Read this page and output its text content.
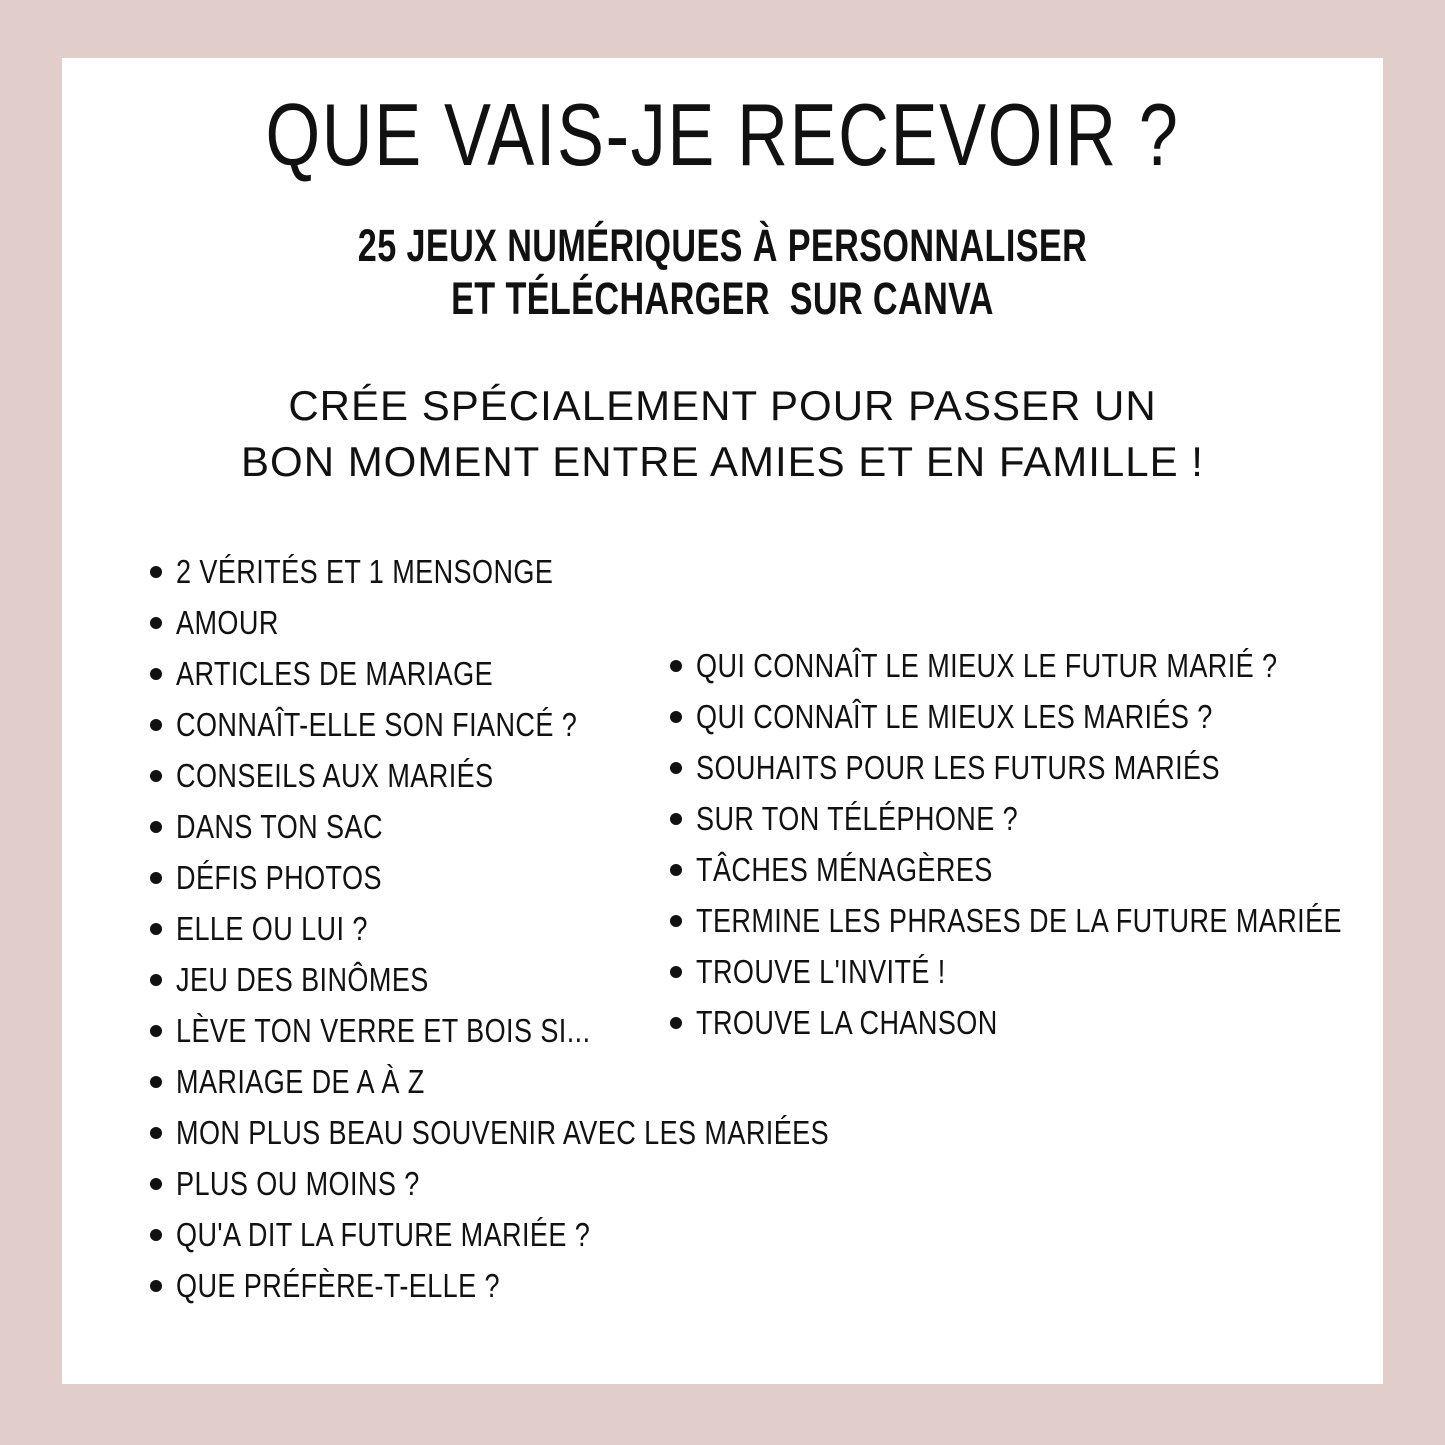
QUE VAIS-JE RECEVOIR ?
25 JEUX NUMÉRIQUES À PERSONNALISER
ET TÉLÉCHARGER  SUR CANVA
CRÉE SPÉCIALEMENT POUR PASSER UN
BON MOMENT ENTRE AMIES ET EN FAMILLE !
2 VÉRITÉS ET 1 MENSONGE
AMOUR
ARTICLES DE MARIAGE
CONNAÎT-ELLE SON FIANCÉ ?
CONSEILS AUX MARIÉS
DANS TON SAC
DÉFIS PHOTOS
ELLE OU LUI ?
JEU DES BINÔMES
LÈVE TON VERRE ET BOIS SI...
MARIAGE DE A À Z
MON PLUS BEAU SOUVENIR AVEC LES MARIÉES
PLUS OU MOINS ?
QU'A DIT LA FUTURE MARIÉE ?
QUE PRÉFÈRE-T-ELLE ?
QUI CONNAÎT LE MIEUX LE FUTUR MARIÉ ?
QUI CONNAÎT LE MIEUX LES MARIÉS ?
SOUHAITS POUR LES FUTURS MARIÉS
SUR TON TÉLÉPHONE ?
TÂCHES MÉNAGÈRES
TERMINE LES PHRASES DE LA FUTURE MARIÉE
TROUVE L'INVITÉ !
TROUVE LA CHANSON
